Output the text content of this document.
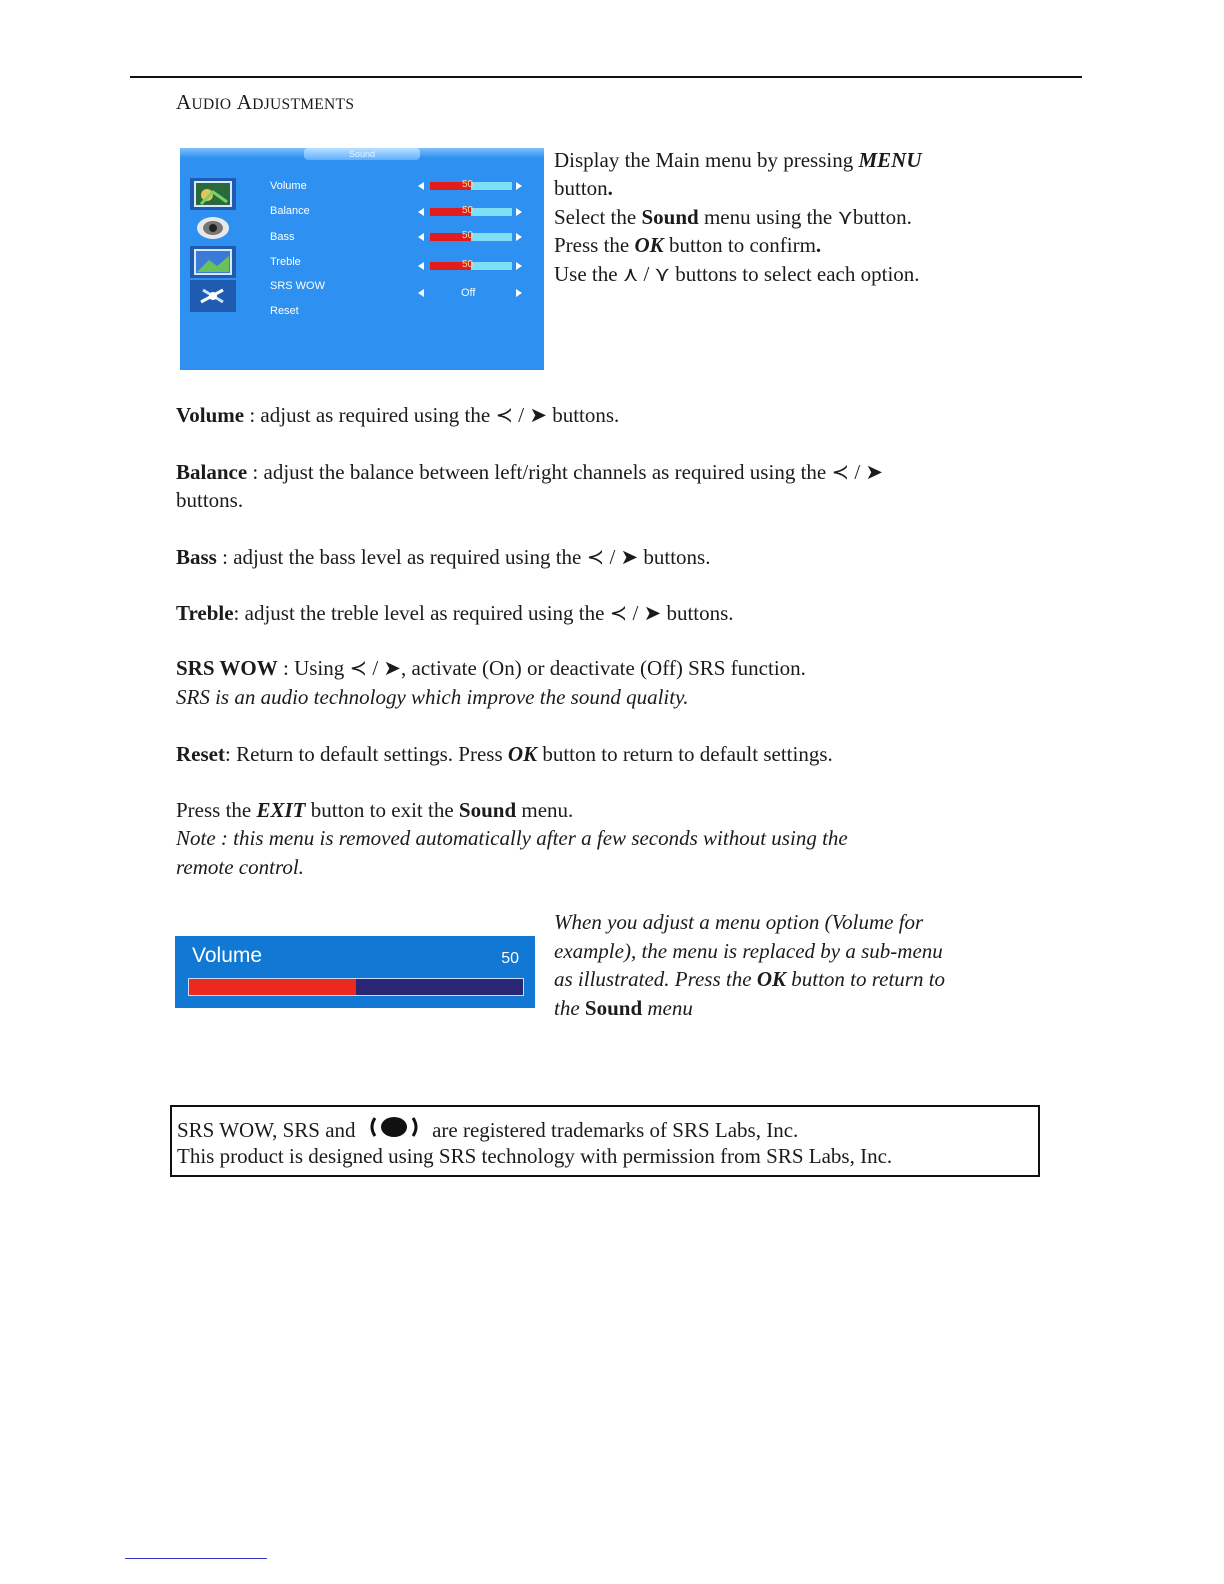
AUDIO ADJUSTMENTS
Sound
Volume
Balance
Bass
Treble
SRS WOW
Reset
50
50
50
50
Off
Display the Main menu by pressing MENU
button.
Select the Sound menu using the ⋎button.
Press the OK button to confirm.
Use the ⋏ / ⋎ buttons to select each option.
Volume : adjust as required using the ≺ / ➤ buttons.
Balance : adjust the balance between left/right channels as required using the ≺ / ➤
buttons.
Bass : adjust the bass level as required using the ≺ / ➤ buttons.
Treble: adjust the treble level as required using the ≺ / ➤ buttons.
SRS WOW : Using ≺ / ➤, activate (On) or deactivate (Off) SRS function.
SRS is an audio technology which improve the sound quality.
Reset: Return to default settings. Press OK button to return to default settings.
Press the EXIT button to exit the Sound menu.
Note : this menu is removed automatically after a few seconds without using the
remote control.
Volume	50
When you adjust a menu option (Volume for
example), the menu is replaced by a sub-menu
as illustrated. Press the OK button to return to
the Sound menu
SRS WOW, SRS and	are registered trademarks of SRS Labs, Inc.
This product is designed using SRS technology with permission from SRS Labs, Inc.
